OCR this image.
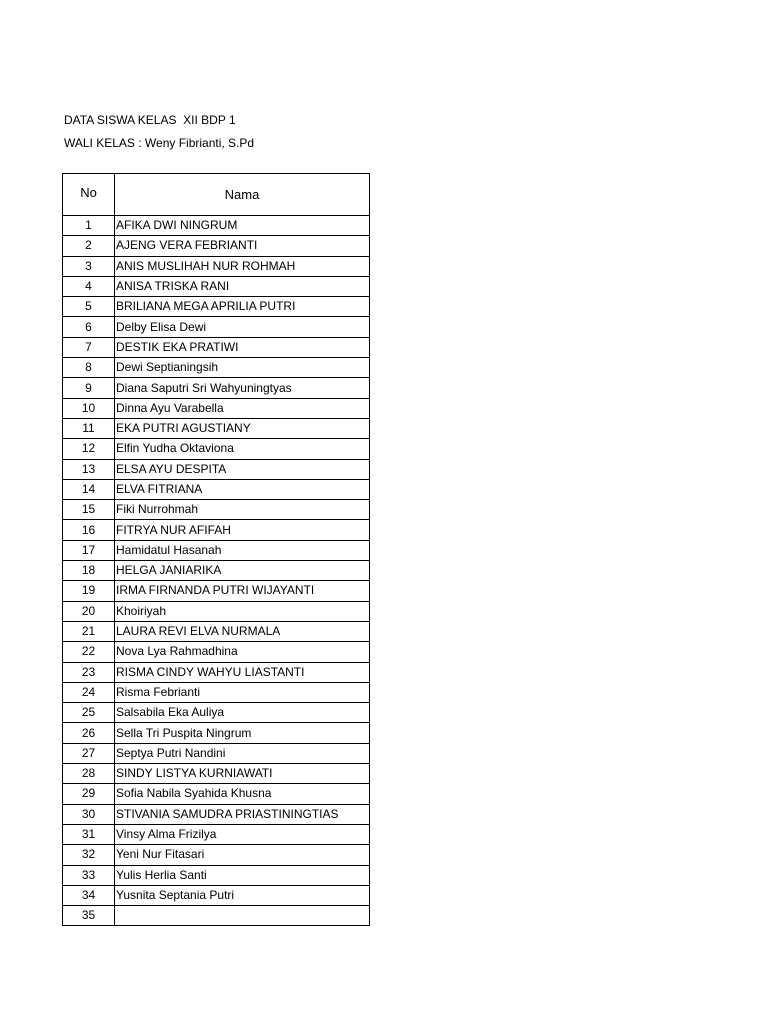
DATA SISWA KELAS  XII BDP 1
WALI KELAS : Weny Fibrianti, S.Pd
No	Nama
1	AFIKA DWI NINGRUM
2	AJENG VERA FEBRIANTI
3	ANIS MUSLIHAH NUR ROHMAH
4	ANISA TRISKA RANI
5	BRILIANA MEGA APRILIA PUTRI
6	Delby Elisa Dewi
7	DESTIK EKA PRATIWI
8	Dewi Septianingsih
9	Diana Saputri Sri Wahyuningtyas
10	Dinna Ayu Varabella
11	EKA PUTRI AGUSTIANY
12	Elfin Yudha Oktaviona
13	ELSA AYU DESPITA
14	ELVA FITRIANA
15	Fiki Nurrohmah
16	FITRYA NUR AFIFAH
17	Hamidatul Hasanah
18	HELGA JANIARIKA
19	IRMA FIRNANDA PUTRI WIJAYANTI
20	Khoiriyah
21	LAURA REVI ELVA NURMALA
22	Nova Lya Rahmadhina
23	RISMA CINDY WAHYU LIASTANTI
24	Risma Febrianti
25	Salsabila Eka Auliya
26	Sella Tri Puspita Ningrum
27	Septya Putri Nandini
28	SINDY LISTYA KURNIAWATI
29	Sofia Nabila Syahida Khusna
30	STIVANIA SAMUDRA PRIASTININGTIAS
31	Vinsy Alma Frizilya
32	Yeni Nur Fitasari
33	Yulis Herlia Santi
34	Yusnita Septania Putri
35	
